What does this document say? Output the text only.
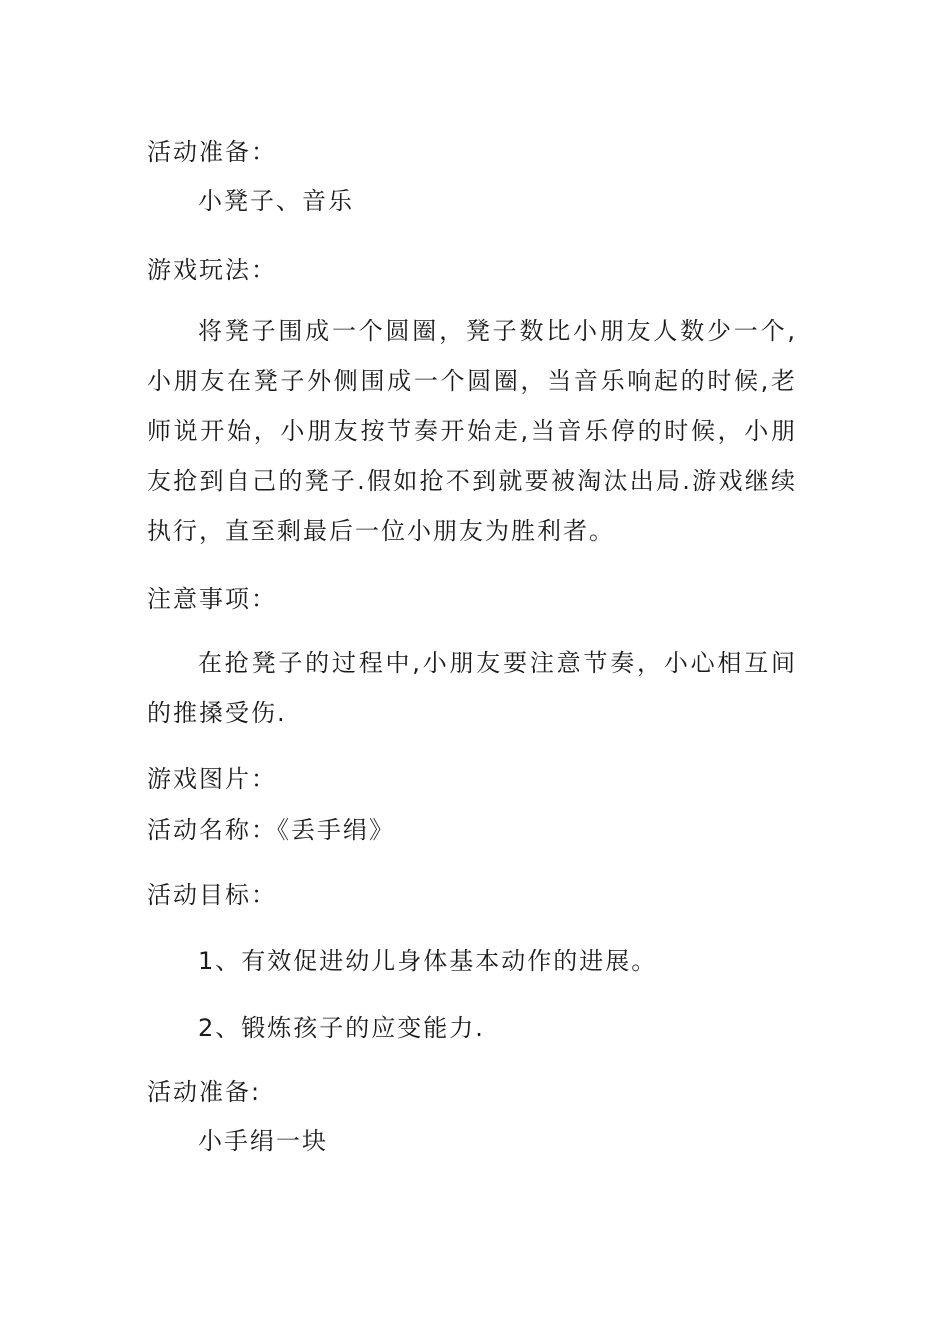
活动准备：
小凳子、音乐
游戏玩法：
将凳子围成一个圆圈，凳子数比小朋友人数少一个,小朋友在凳子外侧围成一个圆圈，当音乐响起的时候,老师说开始，小朋友按节奏开始走,当音乐停的时候，小朋友抢到自己的凳子.假如抢不到就要被淘汰出局.游戏继续执行，直至剩最后一位小朋友为胜利者。
注意事项：
在抢凳子的过程中,小朋友要注意节奏，小心相互间的推搡受伤.
游戏图片：
活动名称：《丢手绢》
活动目标：
1、有效促进幼儿身体基本动作的进展。
2、锻炼孩子的应变能力.
活动准备:
小手绢一块
